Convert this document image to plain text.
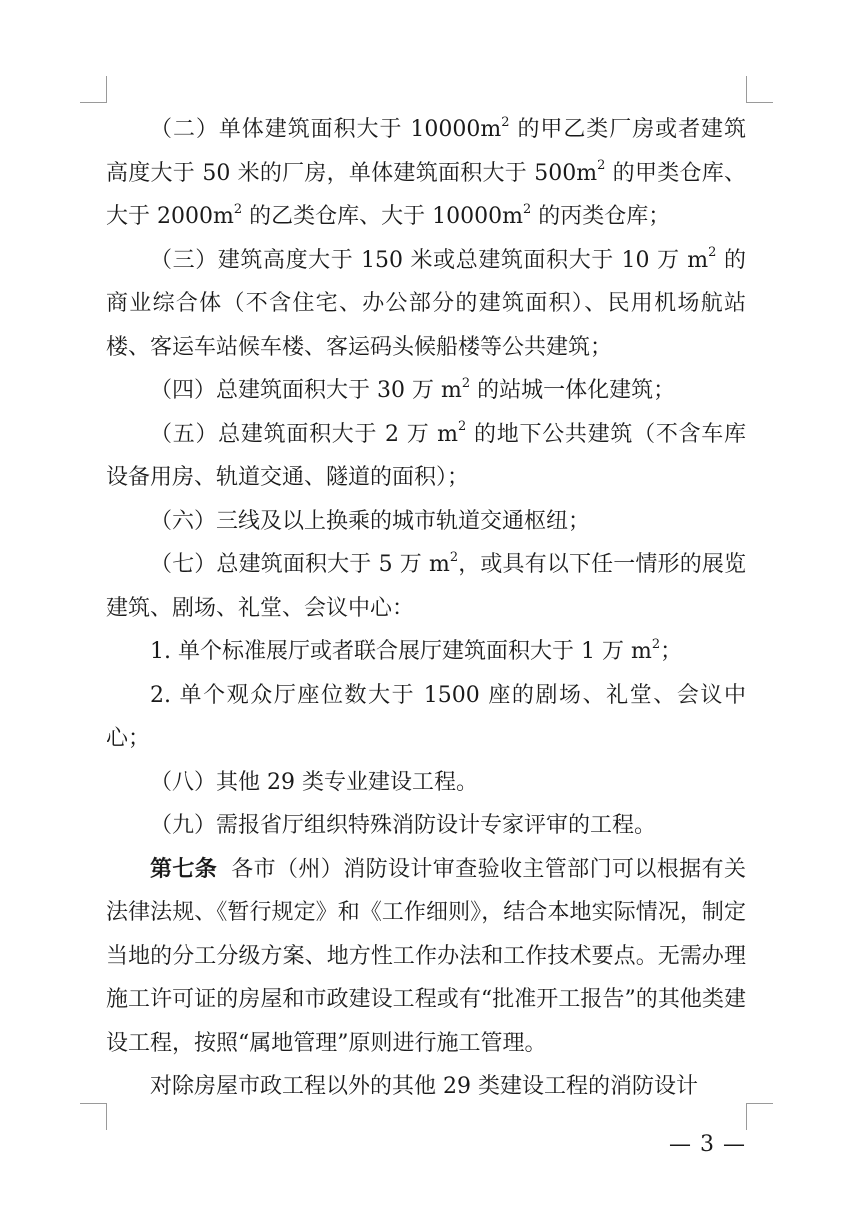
（二）单体建筑面积大于 $10000m^2$ 的甲乙类厂房或者建筑高度大于 50 米的厂房，单体建筑面积大于 $500m^2$ 的甲类仓库、大于 $2000m^2$ 的乙类仓库、大于 $10000m^2$ 的丙类仓库；

（三）建筑高度大于 150 米或总建筑面积大于 10 万 $m^2$ 的商业综合体（不含住宅、办公部分的建筑面积）、民用机场航站楼、客运车站候车楼、客运码头候船楼等公共建筑；

（四）总建筑面积大于 30 万 $m^2$ 的站城一体化建筑；

（五）总建筑面积大于 2 万 $m^2$ 的地下公共建筑（不含车库设备用房、轨道交通、隧道的面积）；

（六）三线及以上换乘的城市轨道交通枢纽；

（七）总建筑面积大于 5 万 $m^2$，或具有以下任一情形的展览建筑、剧场、礼堂、会议中心：

1. 单个标准展厅或者联合展厅建筑面积大于 1 万 $m^2$；

2. 单个观众厅座位数大于 1500 座的剧场、礼堂、会议中心；

（八）其他 29 类专业建设工程。

（九）需报省厅组织特殊消防设计专家评审的工程。

第七条 各市（州）消防设计审查验收主管部门可以根据有关法律法规、《暂行规定》和《工作细则》，结合本地实际情况，制定当地的分工分级方案、地方性工作办法和工作技术要点。无需办理施工许可证的房屋和市政建设工程或有“批准开工报告”的其他类建设工程，按照“属地管理”原则进行施工管理。

对除房屋市政工程以外的其他 29 类建设工程的消防设计

— 3 —
